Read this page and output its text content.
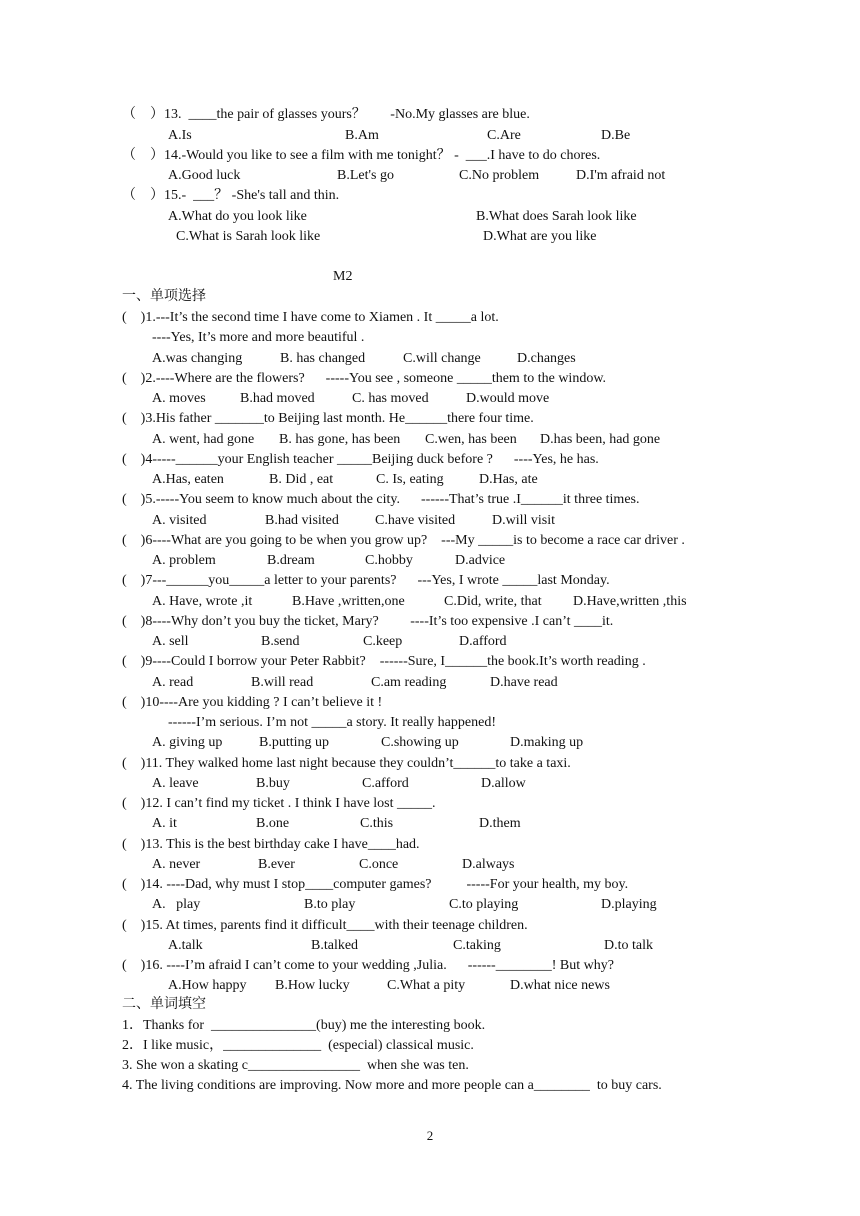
（　）13.  ____the pair of glasses yours？       -No.My glasses are blue.
A.Is	B.Am	C.Are	D.Be
（　）14.-Would you like to see a film with me tonight？ -  ___.I have to do chores.
A.Good luck	B.Let's go	C.No problem	D.I'm afraid not
（　）15.-  ___？ -She's tall and thin.
A.What do you look like	B.What does Sarah look like
C.What is Sarah look like	D.What are you like
M2
一、单项选择
(    )1.---It’s the second time I have come to Xiamen . It _____a lot.
----Yes, It’s more and more beautiful .
A.was changing	B. has changed	C.will change	D.changes
(    )2.----Where are the flowers?      -----You see , someone _____them to the window.
A. moves B.had moved	C. has moved	D.would move
(    )3.His father _______to Beijing last month. He______there four time.
A. went, had gone B. has gone, has been C.wen, has been D.has been, had gone
(    )4-----______your English teacher _____Beijing duck before ?      ----Yes, he has.
A.Has, eaten	B. Did , eat	C. Is, eating	D.Has, ate
(    )5.-----You seem to know much about the city.      ------That’s true .I______it three times.
A. visited	B.had visited	C.have visited	D.will visit
(    )6----What are you going to be when you grow up?    ---My _____is to become a race car driver .
A. problem	B.dream	C.hobby	D.advice
(    )7---______you_____a letter to your parents?      ---Yes, I wrote _____last Monday.
A. Have, wrote ,it	B.Have ,written,one	C.Did, write, that D.Have,written ,this
(    )8----Why don’t you buy the ticket, Mary?         ----It’s too expensive .I can’t ____it.
A. sell	B.send	C.keep	D.afford
(    )9----Could I borrow your Peter Rabbit?    ------Sure, I______the book.It’s worth reading .
A. read	B.will read	C.am reading	D.have read
(    )10----Are you kidding ? I can’t believe it !
------I’m serious. I’m not _____a story. It really happened!
A. giving up	B.putting up	C.showing up	D.making up
(    )11. They walked home last night because they couldn’t______to take a taxi.
A. leave	B.buy	C.afford	D.allow
(    )12. I can’t find my ticket . I think I have lost _____.
A. it	B.one	C.this	D.them
(    )13. This is the best birthday cake I have____had.
A. never	B.ever	C.once	D.always
(    )14. ----Dad, why must I stop____computer games?          -----For your health, my boy.
A.   play	B.to play	C.to playing	D.playing
(    )15. At times, parents find it difficult____with their teenage children.
A.talk	B.talked	C.taking	D.to talk
(    )16. ----I’m afraid I can’t come to your wedding ,Julia.      ------________! But why?
A.How happy B.How lucky	C.What a pity	D.what nice news
二、单词填空
1．Thanks for  _______________(buy) me the interesting book.
2．I like music，______________  (especial) classical music.
3. She won a skating c________________  when she was ten.
4. The living conditions are improving. Now more and more people can a________  to buy cars.
2
